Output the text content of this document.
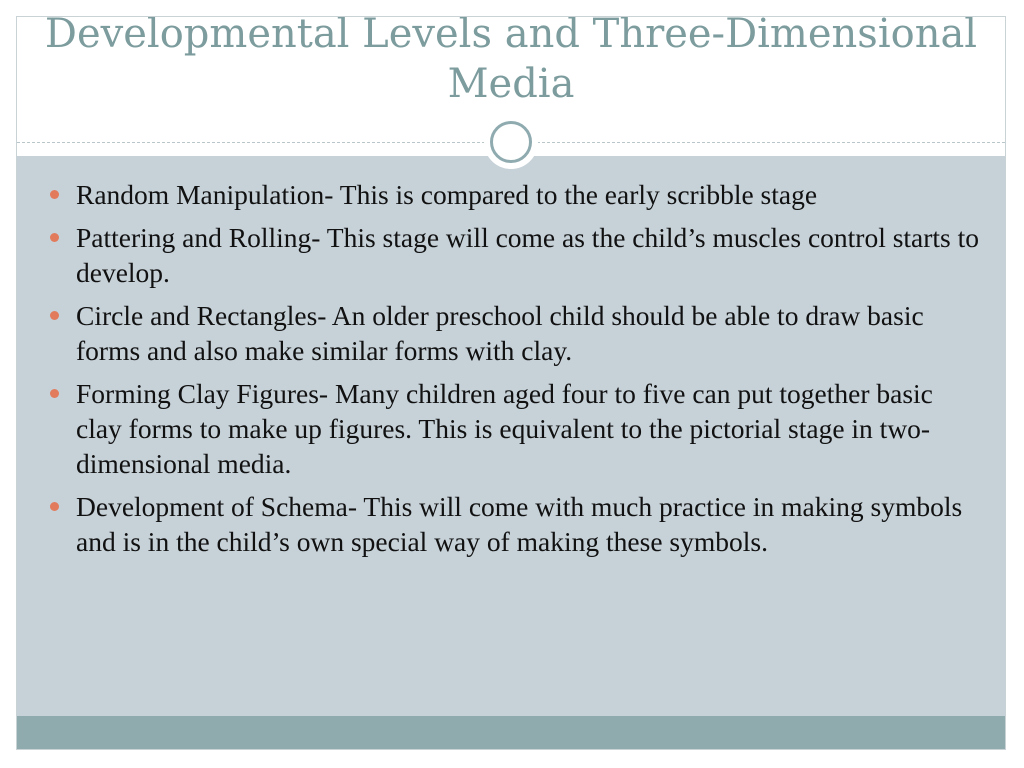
Developmental Levels and Three-Dimensional Media
Random Manipulation- This is compared to the early scribble stage
Pattering and Rolling- This stage will come as the child’s muscles control starts to develop.
Circle and Rectangles- An older preschool child should be able to draw basic forms and also make similar forms with clay.
Forming Clay Figures- Many children aged four to five can put together basic clay forms to make up figures. This is equivalent to the pictorial stage in two-dimensional media.
Development of Schema- This will come with much practice in making symbols and is in the child’s own special way of making these symbols.
